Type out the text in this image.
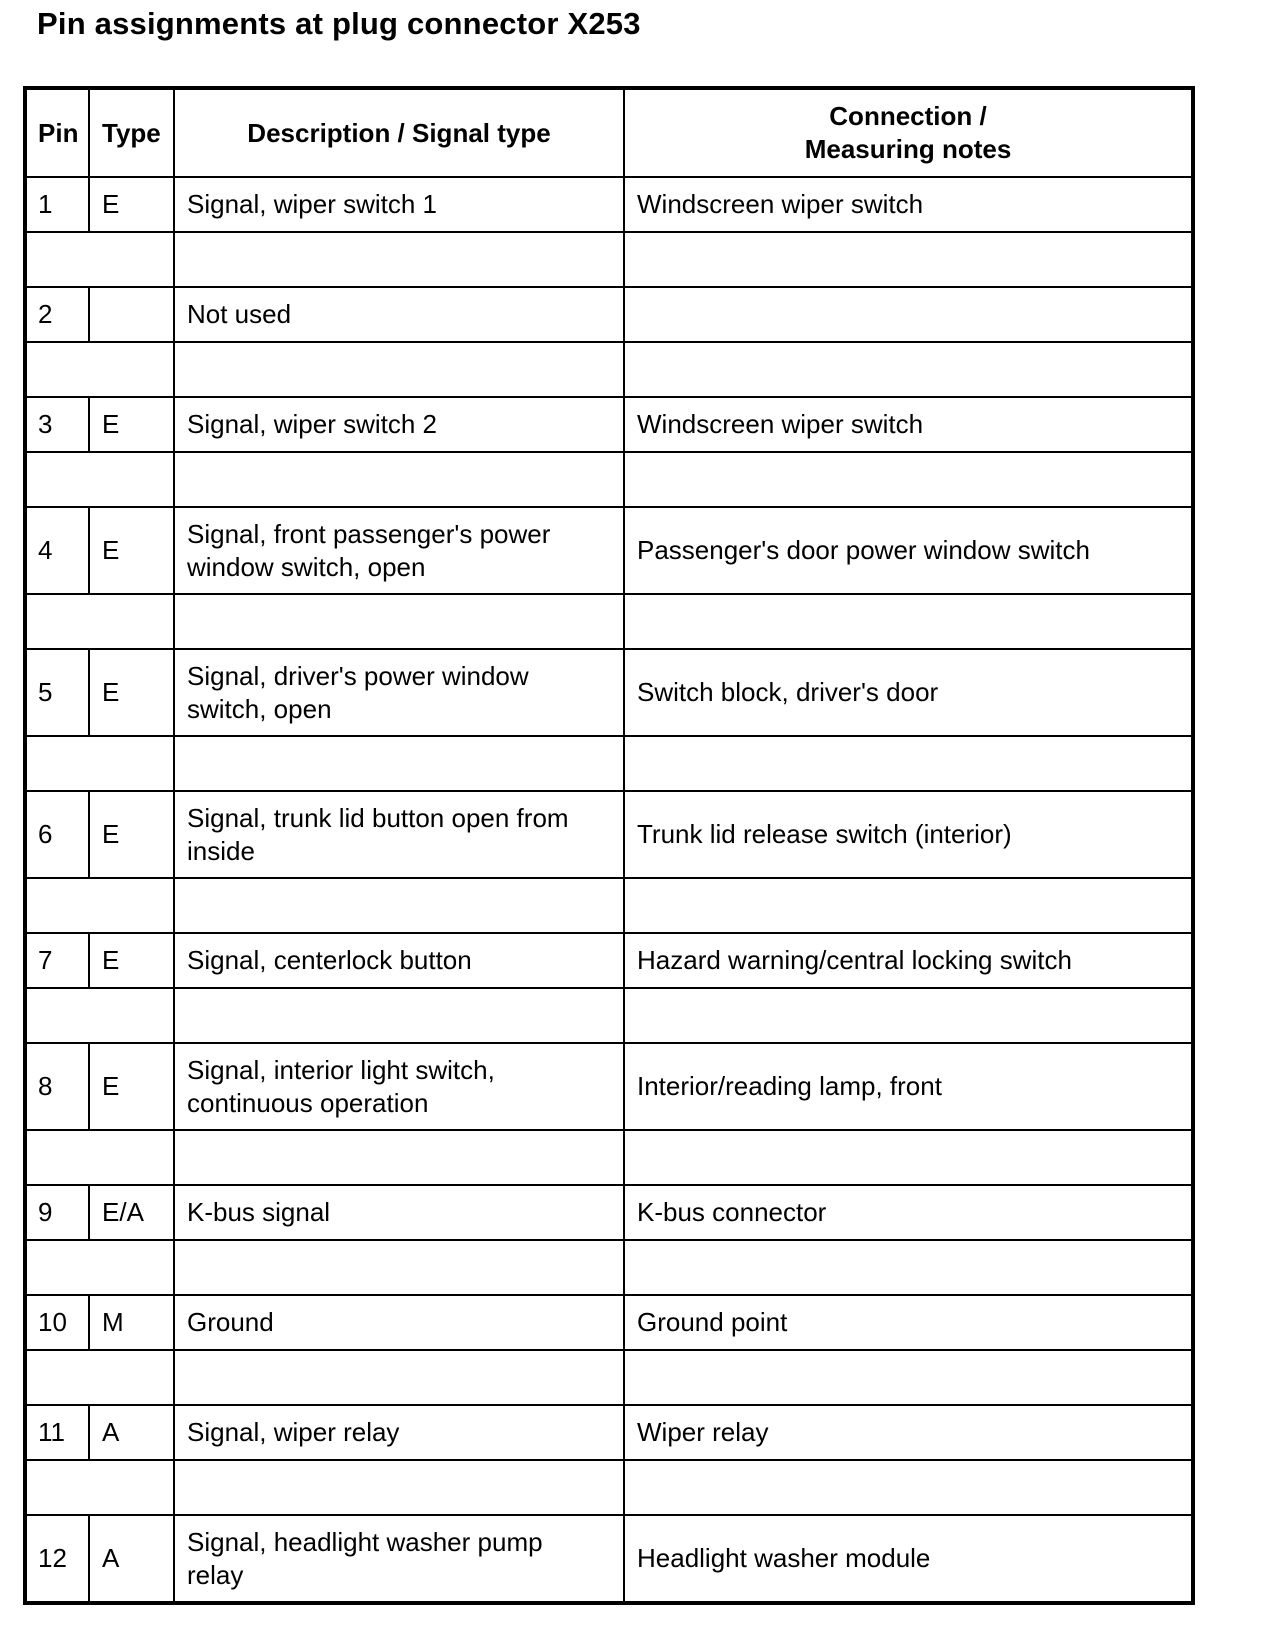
Pin assignments at plug connector X253
Pin	Type	Description / Signal type	Connection /
Measuring notes
1	E	Signal, wiper switch 1	Windscreen wiper switch

2		Not used	

3	E	Signal, wiper switch 2	Windscreen wiper switch

4	E	Signal, front passenger's power
window switch, open	Passenger's door power window switch

5	E	Signal, driver's power window
switch, open	Switch block, driver's door

6	E	Signal, trunk lid button open from
inside	Trunk lid release switch (interior)

7	E	Signal, centerlock button	Hazard warning/central locking switch

8	E	Signal, interior light switch,
continuous operation	Interior/reading lamp, front

9	E/A	K-bus signal	K-bus connector

10	M	Ground	Ground point

11	A	Signal, wiper relay	Wiper relay

12	A	Signal, headlight washer pump
relay	Headlight washer module
